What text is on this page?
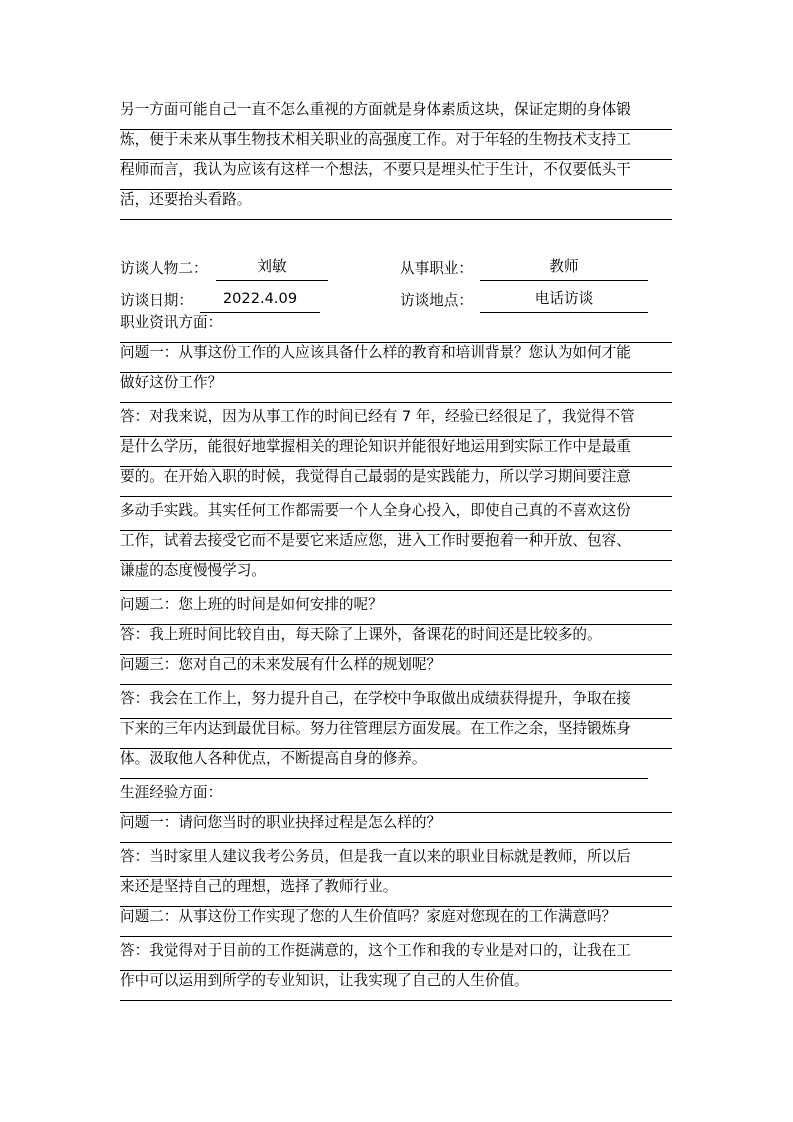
另一方面可能自己一直不怎么重视的方面就是身体素质这块，保证定期的身体锻
炼，便于未来从事生物技术相关职业的高强度工作。对于年轻的生物技术支持工
程师而言，我认为应该有这样一个想法，不要只是埋头忙于生计，不仅要低头干
活，还要抬头看路。
访谈人物二：	刘敏	从事职业：	教师
访谈日期：	2022.4.09	访谈地点：	电话访谈
职业资讯方面：
问题一：从事这份工作的人应该具备什么样的教育和培训背景？您认为如何才能
做好这份工作？
答：对我来说，因为从事工作的时间已经有 7 年，经验已经很足了，我觉得不管
是什么学历，能很好地掌握相关的理论知识并能很好地运用到实际工作中是最重
要的。在开始入职的时候，我觉得自己最弱的是实践能力，所以学习期间要注意
多动手实践。其实任何工作都需要一个人全身心投入，即使自己真的不喜欢这份
工作，试着去接受它而不是要它来适应您，进入工作时要抱着一种开放、包容、
谦虚的态度慢慢学习。
问题二：您上班的时间是如何安排的呢？
答：我上班时间比较自由，每天除了上课外，备课花的时间还是比较多的。
问题三：您对自己的未来发展有什么样的规划呢？
答：我会在工作上，努力提升自己，在学校中争取做出成绩获得提升，争取在接
下来的三年内达到最优目标。努力往管理层方面发展。在工作之余，坚持锻炼身
体。汲取他人各种优点，不断提高自身的修养。
生涯经验方面：
问题一：请问您当时的职业抉择过程是怎么样的？
答：当时家里人建议我考公务员，但是我一直以来的职业目标就是教师，所以后
来还是坚持自己的理想，选择了教师行业。
问题二：从事这份工作实现了您的人生价值吗？家庭对您现在的工作满意吗？
答：我觉得对于目前的工作挺满意的，这个工作和我的专业是对口的，让我在工
作中可以运用到所学的专业知识，让我实现了自己的人生价值。
